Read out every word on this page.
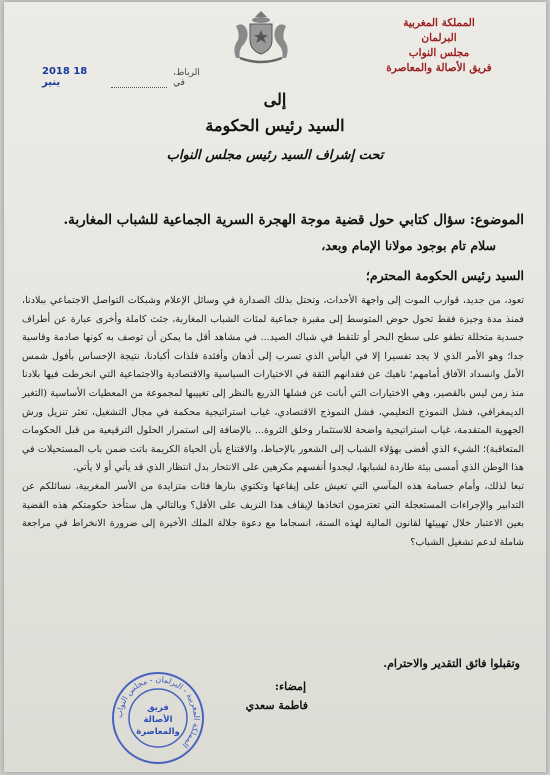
المملكة المغربية
البرلمان
مجلس النواب
فريق الأصالة والمعاصرة
2018 18 ينير
الرباط، في
إلى
السيد رئيس الحكومة
تحت إشراف السيد رئيس مجلس النواب
الموضوع: سؤال كتابي حول قضية موجة الهجرة السرية الجماعية للشباب المغاربة.
سلام تام بوجود مولانا الإمام وبعد،
السيد رئيس الحكومة المحترم؛

تعود، من جديد، قوارب الموت إلى واجهة الأحداث، وتحتل بذلك الصدارة في وسائل الإعلام وشبكات التواصل الاجتماعي ببلادنا، فمنذ مدة وجيزة فقط تحول حوض المتوسط إلى مقبرة جماعية لمئات الشباب المغاربة، جثث كاملة وأخرى عبارة عن أطراف جسدية متحللة تطفو على سطح البحر أو تلتقط في شباك الصيد... في مشاهد أقل ما يمكن أن توصف به كونها صادمة وقاسية جدا؛ وهو الأمر الذي لا يجد تفسيرا إلا في اليأس الذي تسرب إلى أذهان وأفئدة فلذات أكبادنا، نتيجة الإحساس بأفول شمس الأمل وانسداد الآفاق أمامهم؛ ناهيك عن فقدانهم الثقة في الاختيارات السياسية والاقتصادية والاجتماعية التي انخرطت فيها بلادنا منذ زمن ليس بالقصير، وهي الاختيارات التي أبانت عن فشلها الذريع بالنظر إلى تغييبها لمجموعة من المعطيات الأساسية (التغير الديمغرافي، فشل النموذج التعليمي، فشل النموذج الاقتصادي، غياب استراتيجية محكمة في مجال التشغيل، تعثر تنزيل ورش الجهوية المتقدمة، غياب استراتيجية واضحة للاستثمار وخلق الثروة... بالإضافة إلى استمرار الحلول الترقيعية من قبل الحكومات المتعاقبة)؛ الشيء الذي أفضى بهؤلاء الشباب إلى الشعور بالإحباط، والاقتناع بأن الحياة الكريمة باتت ضمن باب المستحيلات في هذا الوطن الذي أمسى بيئة طاردة لشبابها، ليجدوا أنفسهم مكرهين على الانتحار بدل انتظار الذي قد يأتي أو لا يأتي.

تبعا لذلك، وأمام جسامة هذه المآسي التي تعيش على إيقاعها وتكتوي بنارها فئات متزايدة من الأسر المغربية، نسائلكم عن التدابير والإجراءات المستعجلة التي تعتزمون اتخاذها لإيقاف هذا النزيف على الأقل؟ وبالتالي هل ستأخذ حكومتكم هذه القضية بعين الاعتبار خلال تهييئها لقانون المالية لهذه السنة، انسجاما مع دعوة جلالة الملك الأخيرة إلى ضرورة الانخراط في مراجعة شاملة لدعم تشغيل الشباب؟

وتقبلوا فائق التقدير والاحترام.
إمضاء:
فاطمة سعدي
المملكة المغربية - البرلمان - مجلس النواب
فريق
الأصالة
والمعاصرة
